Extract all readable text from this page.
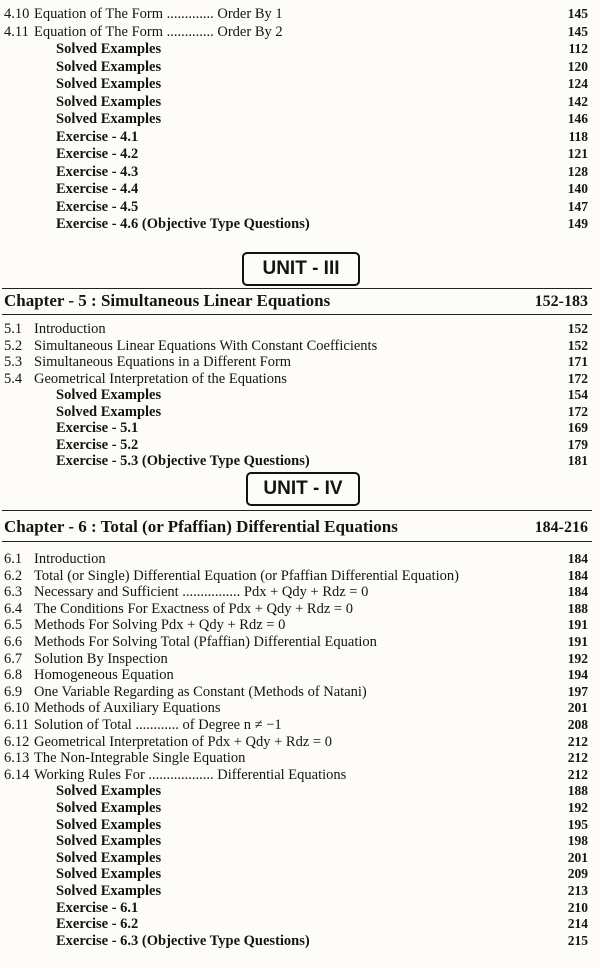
4.10 Equation of The Form ............. Order By 1	145
4.11 Equation of The Form ............. Order By 2	145
Solved Examples	112
Solved Examples	120
Solved Examples	124
Solved Examples	142
Solved Examples	146
Exercise - 4.1	118
Exercise - 4.2	121
Exercise - 4.3	128
Exercise - 4.4	140
Exercise - 4.5	147
Exercise - 4.6 (Objective Type Questions)	149
UNIT - III
Chapter - 5 : Simultaneous Linear Equations	152-183
5.1 Introduction	152
5.2 Simultaneous Linear Equations With Constant Coefficients	152
5.3 Simultaneous Equations in a Different Form	171
5.4 Geometrical Interpretation of the Equations	172
Solved Examples	154
Solved Examples	172
Exercise - 5.1	169
Exercise - 5.2	179
Exercise - 5.3 (Objective Type Questions)	181
UNIT - IV
Chapter - 6 : Total (or Pfaffian) Differential Equations	184-216
6.1 Introduction	184
6.2 Total (or Single) Differential Equation (or Pfaffian Differential Equation)	184
6.3 Necessary and Sufficient ................ Pdx + Qdy + Rdz = 0	184
6.4 The Conditions For Exactness of Pdx + Qdy + Rdz = 0	188
6.5 Methods For Solving Pdx + Qdy + Rdz = 0	191
6.6 Methods For Solving Total (Pfaffian) Differential Equation	191
6.7 Solution By Inspection	192
6.8 Homogeneous Equation	194
6.9 One Variable Regarding as Constant (Methods of Natani)	197
6.10 Methods of Auxiliary Equations	201
6.11 Solution of Total ............ of Degree n ≠ −1	208
6.12 Geometrical Interpretation of Pdx + Qdy + Rdz = 0	212
6.13 The Non-Integrable Single Equation	212
6.14 Working Rules For .................. Differential Equations	212
Solved Examples	188
Solved Examples	192
Solved Examples	195
Solved Examples	198
Solved Examples	201
Solved Examples	209
Solved Examples	213
Exercise - 6.1	210
Exercise - 6.2	214
Exercise - 6.3 (Objective Type Questions)	215
